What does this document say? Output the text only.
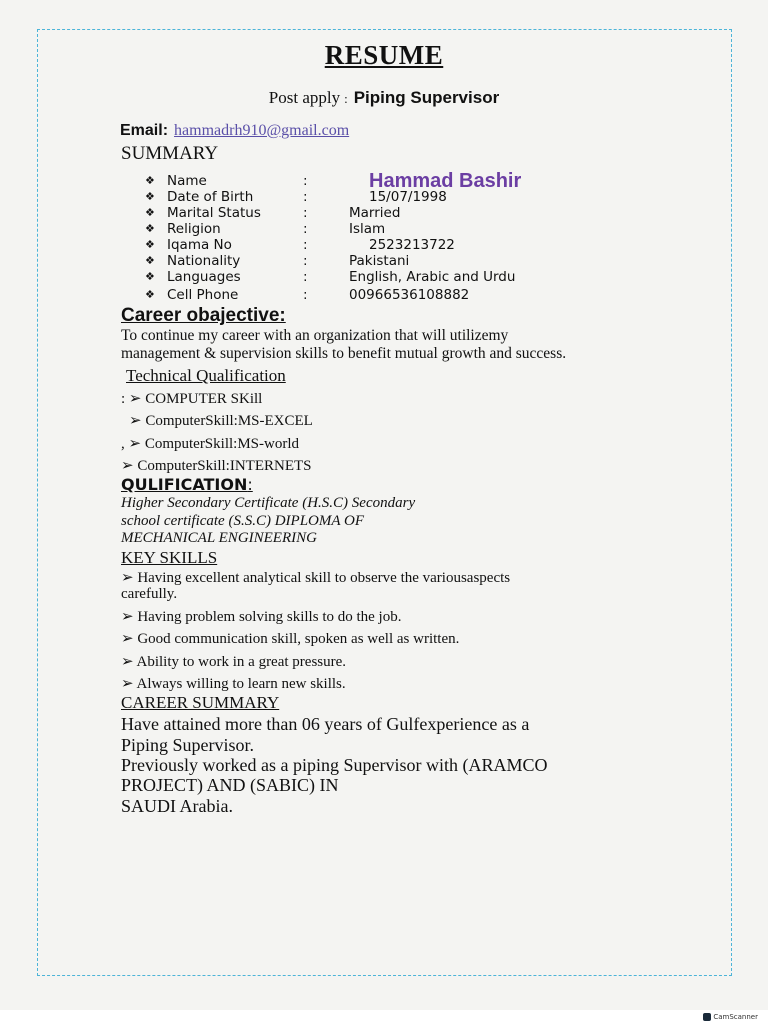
RESUME
Post apply : Piping Supervisor
Email: hammadrh910@gmail.com
SUMMARY
❖ Name	:	Hammad Bashir
❖ Date of Birth	:	15/07/1998
❖ Marital Status	:	Married
❖ Religion	:	Islam
❖ Iqama No	:	2523213722
❖ Nationality	:	Pakistani
❖ Languages	:	English, Arabic and Urdu
❖ Cell Phone	:	00966536108882
Career obajective:
To continue my career with an organization that will utilizemy
management & supervision skills to benefit mutual growth and success.
Technical Qualification
: ➢ COMPUTER SKill
➢ ComputerSkill:MS-EXCEL
, ➢ ComputerSkill:MS-world
➢ ComputerSkill:INTERNETS
QULIFICATION:
Higher Secondary Certificate (H.S.C) Secondary
school certificate (S.S.C) DIPLOMA OF
MECHANICAL ENGINEERING
KEY SKILLS
➢ Having excellent analytical skill to observe the variousaspects
carefully.
➢ Having problem solving skills to do the job.
➢ Good communication skill, spoken as well as written.
➢ Ability to work in a great pressure.
➢ Always willing to learn new skills.
CAREER SUMMARY
Have attained more than 06 years of Gulfexperience as a
Piping Supervisor.
Previously worked as a piping Supervisor with (ARAMCO
PROJECT) AND (SABIC) IN
SAUDI Arabia.
CamScanner
